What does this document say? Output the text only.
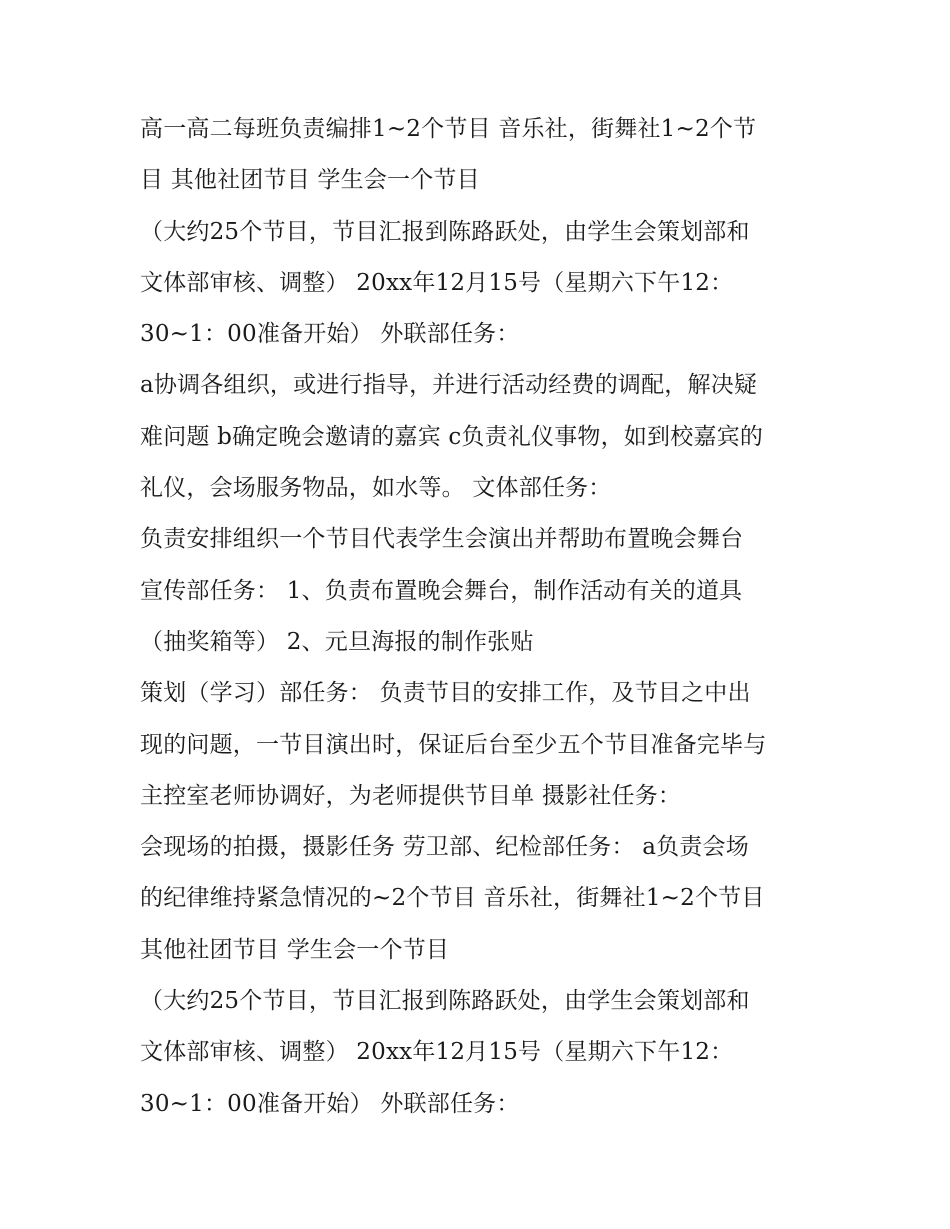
高一高二每班负责编排1~2个节目 音乐社，街舞社1~2个节
目 其他社团节目 学生会一个节目
（大约25个节目，节目汇报到陈路跃处，由学生会策划部和
文体部审核、调整） 20xx年12月15号（星期六下午12：
30~1：00准备开始） 外联部任务：
a协调各组织，或进行指导，并进行活动经费的调配，解决疑
难问题 b确定晚会邀请的嘉宾 c负责礼仪事物，如到校嘉宾的
礼仪，会场服务物品，如水等。 文体部任务：
负责安排组织一个节目代表学生会演出并帮助布置晚会舞台
宣传部任务： 1、负责布置晚会舞台，制作活动有关的道具
（抽奖箱等） 2、元旦海报的制作张贴
策划（学习）部任务： 负责节目的安排工作，及节目之中出
现的问题，一节目演出时，保证后台至少五个节目准备完毕与
主控室老师协调好，为老师提供节目单 摄影社任务：
会现场的拍摄，摄影任务 劳卫部、纪检部任务： a负责会场
的纪律维持紧急情况的~2个节目 音乐社，街舞社1~2个节目
其他社团节目 学生会一个节目
（大约25个节目，节目汇报到陈路跃处，由学生会策划部和
文体部审核、调整） 20xx年12月15号（星期六下午12：
30~1：00准备开始） 外联部任务：
